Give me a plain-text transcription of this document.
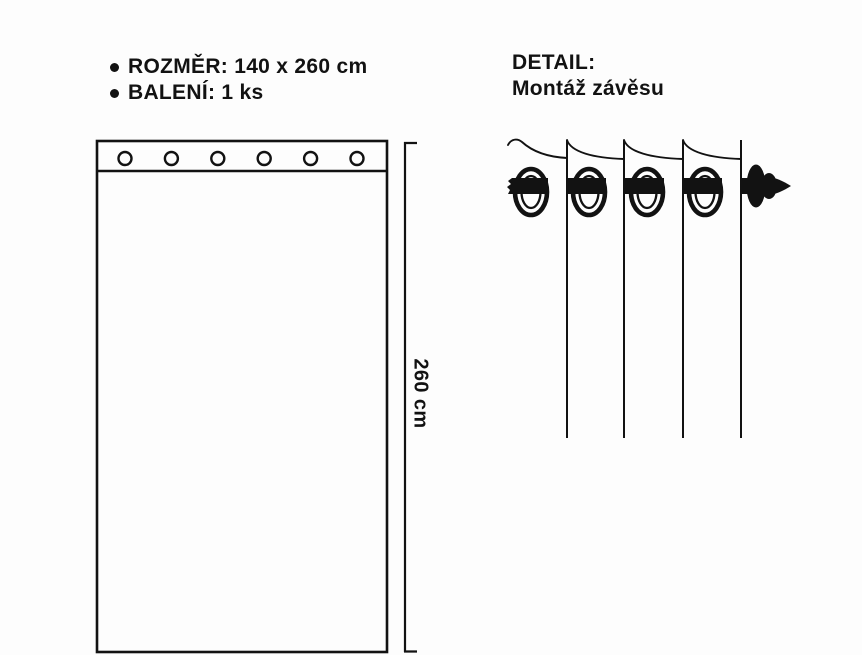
ROZMĚR: 140 x 260 cm
BALENÍ: 1 ks
DETAIL:
Montáž závěsu
260 cm
